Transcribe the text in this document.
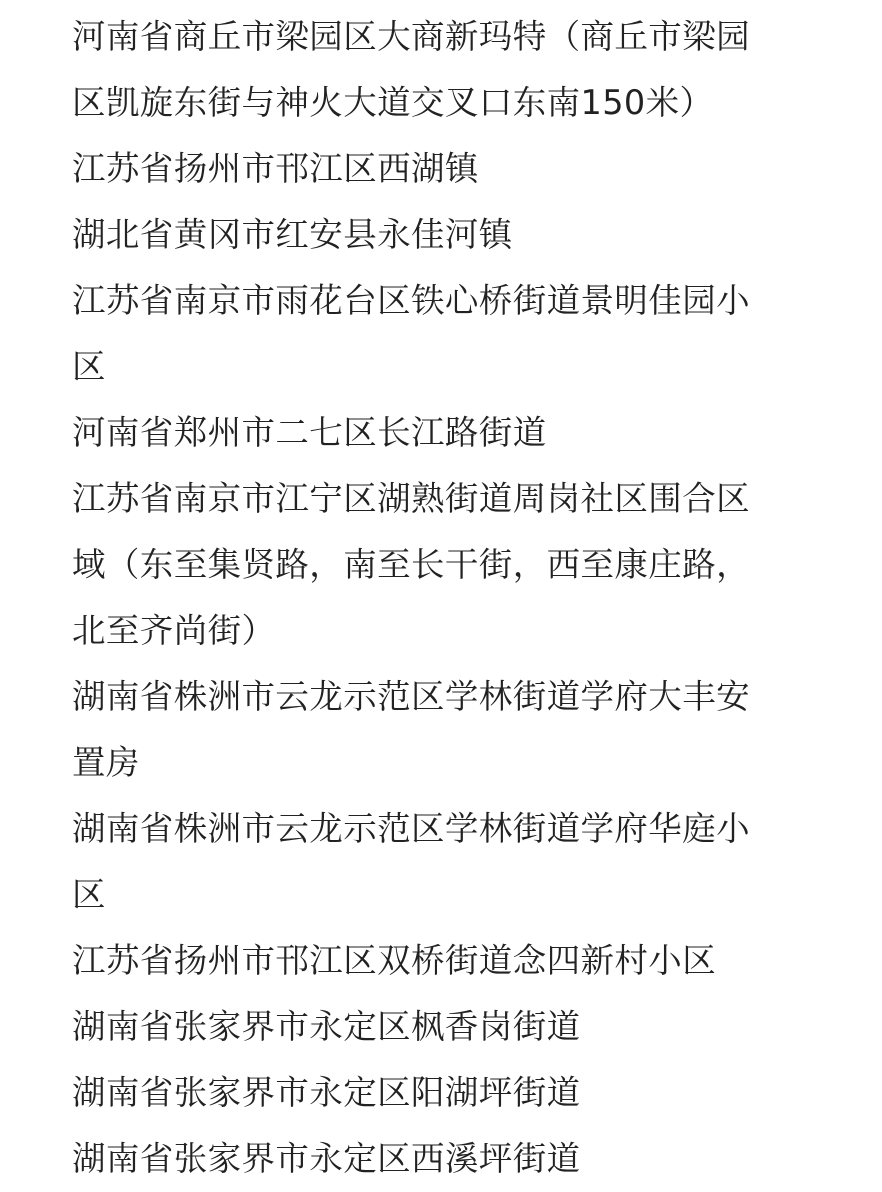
河南省商丘市梁园区大商新玛特（商丘市梁园
区凯旋东街与神火大道交叉口东南150米）
江苏省扬州市邗江区西湖镇
湖北省黄冈市红安县永佳河镇
江苏省南京市雨花台区铁心桥街道景明佳园小
区
河南省郑州市二七区长江路街道
江苏省南京市江宁区湖熟街道周岗社区围合区
域（东至集贤路，南至长干街，西至康庄路，
北至齐尚街）
湖南省株洲市云龙示范区学林街道学府大丰安
置房
湖南省株洲市云龙示范区学林街道学府华庭小
区
江苏省扬州市邗江区双桥街道念四新村小区
湖南省张家界市永定区枫香岗街道
湖南省张家界市永定区阳湖坪街道
湖南省张家界市永定区西溪坪街道
